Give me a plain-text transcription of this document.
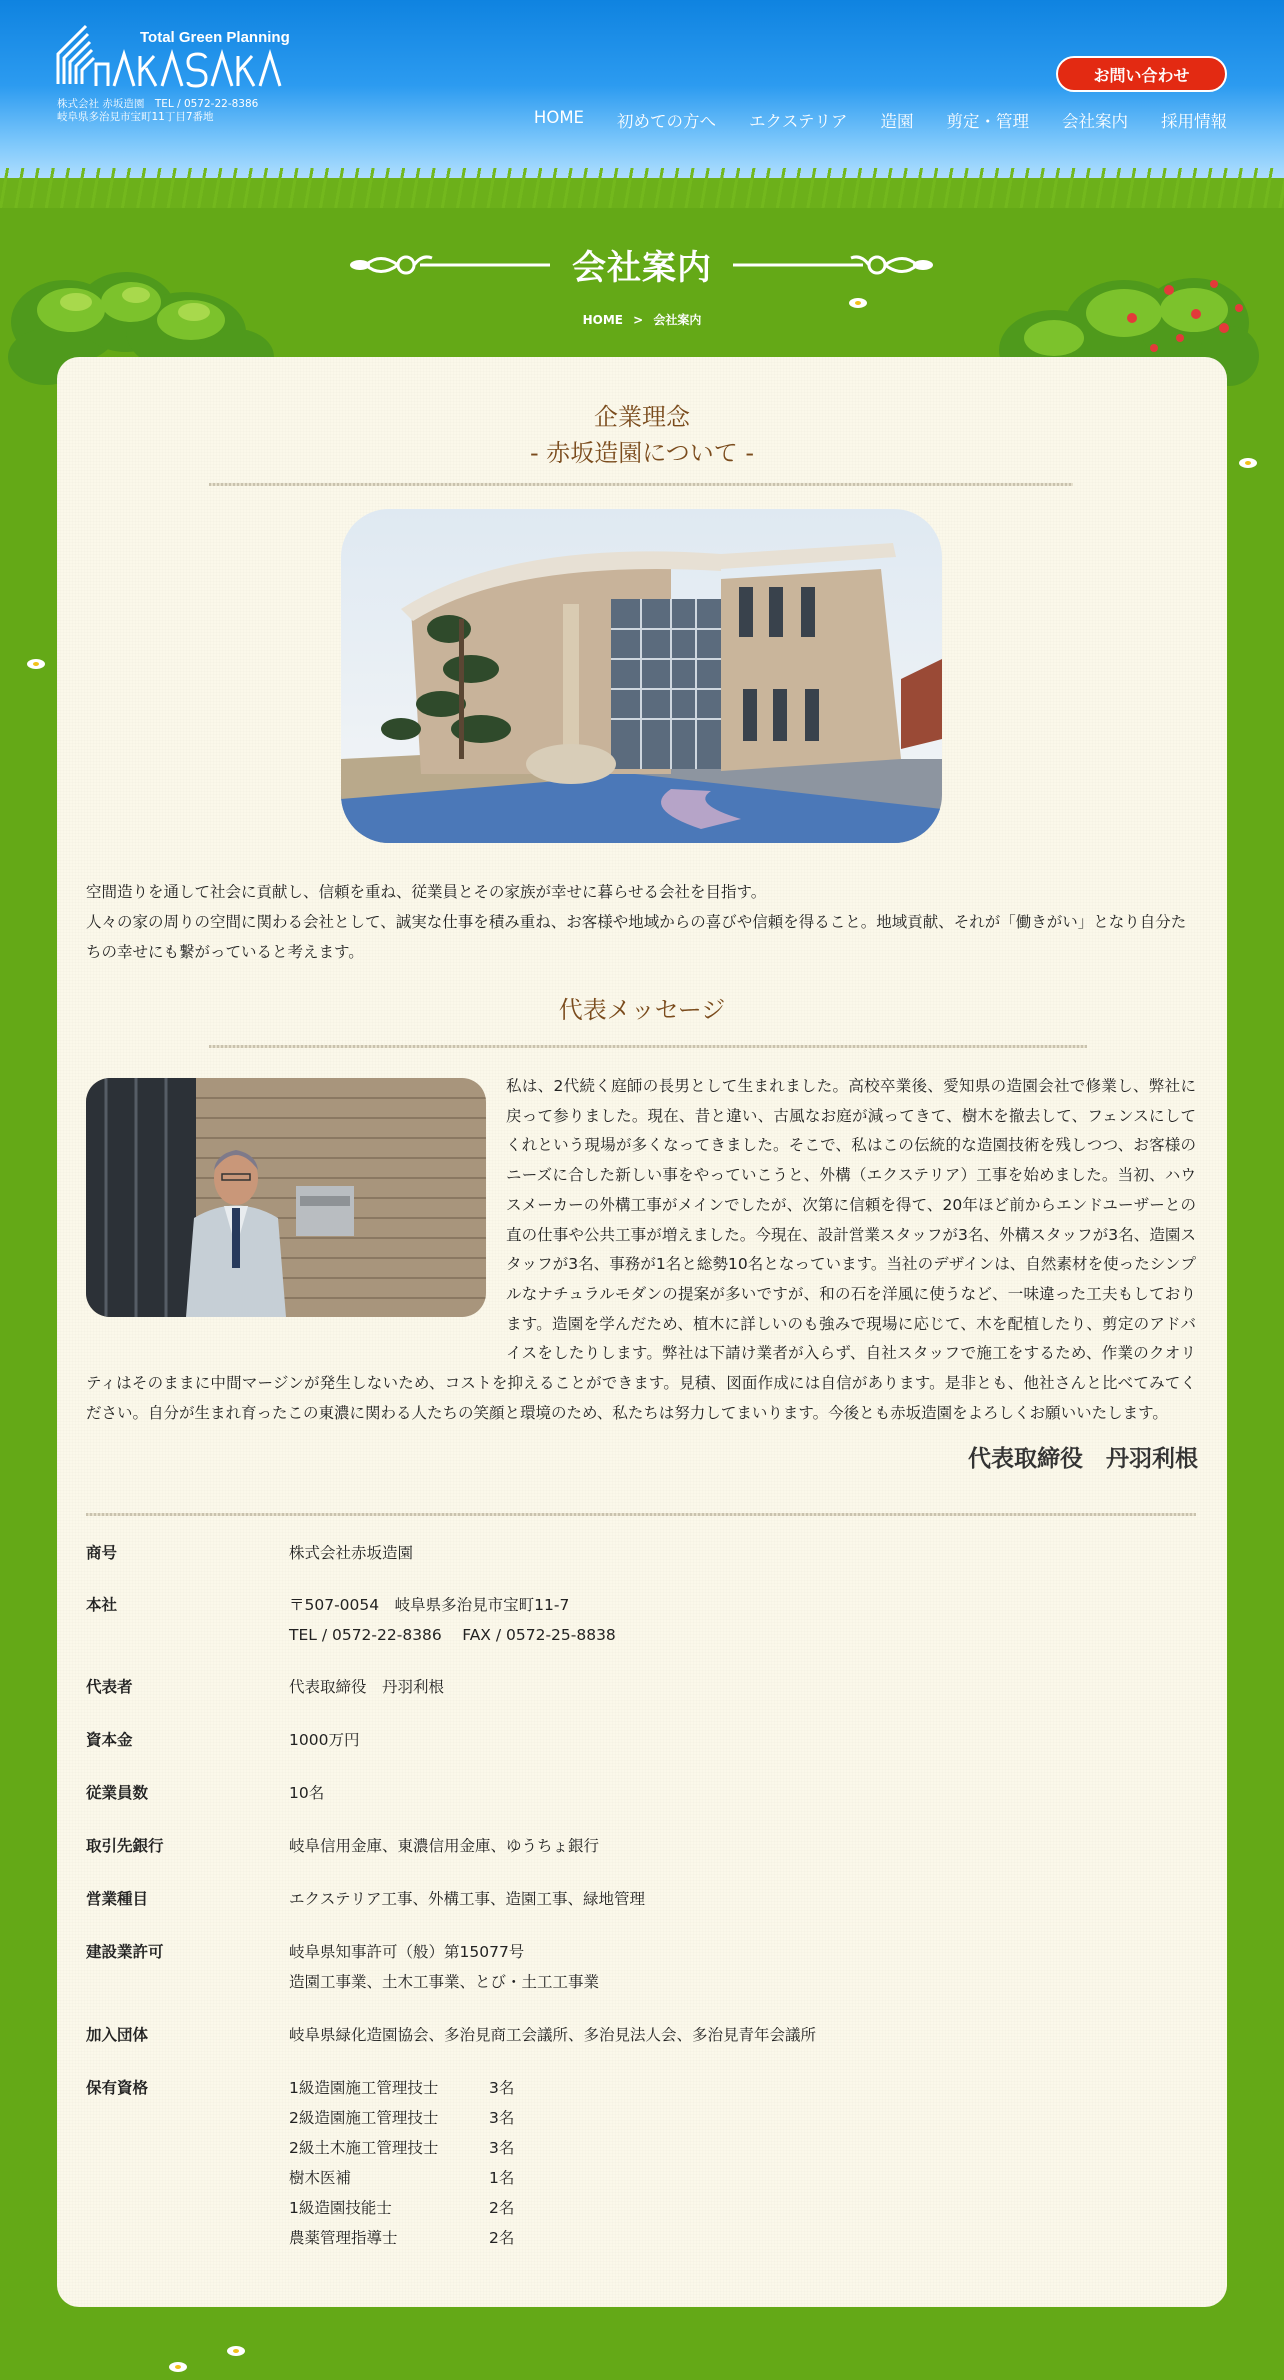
Total Green Planning
株式会社 赤坂造園　TEL / 0572-22-8386
岐阜県多治見市宝町11丁目7番地
お問い合わせ
HOME 初めての方へ エクステリア 造園 剪定・管理 会社案内 採用情報
会社案内
HOME > 会社案内
企業理念
- 赤坂造園について -
空間造りを通して社会に貢献し、信頼を重ね、従業員とその家族が幸せに暮らせる会社を目指す。
人々の家の周りの空間に関わる会社として、誠実な仕事を積み重ね、お客様や地域からの喜びや信頼を得ること。地域貢献、それが「働きがい」となり自分たちの幸せにも繋がっていると考えます。
代表メッセージ
私は、2代続く庭師の長男として生まれました。高校卒業後、愛知県の造園会社で修業し、弊社に戻って参りました。現在、昔と違い、古風なお庭が減ってきて、樹木を撤去して、フェンスにしてくれという現場が多くなってきました。そこで、私はこの伝統的な造園技術を残しつつ、お客様のニーズに合した新しい事をやっていこうと、外構（エクステリア）工事を始めました。当初、ハウスメーカーの外構工事がメインでしたが、次第に信頼を得て、20年ほど前からエンドユーザーとの直の仕事や公共工事が増えました。今現在、設計営業スタッフが3名、外構スタッフが3名、造園スタッフが3名、事務が1名と総勢10名となっています。当社のデザインは、自然素材を使ったシンプルなナチュラルモダンの提案が多いですが、和の石を洋風に使うなど、一味違った工夫もしております。造園を学んだため、植木に詳しいのも強みで現場に応じて、木を配植したり、剪定のアドバイスをしたりします。弊社は下請け業者が入らず、自社スタッフで施工をするため、作業のクオリティはそのままに中間マージンが発生しないため、コストを抑えることができます。見積、図面作成には自信があります。是非とも、他社さんと比べてみてください。自分が生まれ育ったこの東濃に関わる人たちの笑顔と環境のため、私たちは努力してまいります。今後とも赤坂造園をよろしくお願いいたします。
代表取締役　丹羽利根
商号	株式会社赤坂造園
本社	〒507-0054　岐阜県多治見市宝町11-7
TEL / 0572-22-8386　 FAX / 0572-25-8838
代表者	代表取締役　丹羽利根
資本金	1000万円
従業員数	10名
取引先銀行	岐阜信用金庫、東濃信用金庫、ゆうちょ銀行
営業種目	エクステリア工事、外構工事、造園工事、緑地管理
建設業許可	岐阜県知事許可（般）第15077号
造園工事業、土木工事業、とび・土工工事業
加入団体	岐阜県緑化造園協会、多治見商工会議所、多治見法人会、多治見青年会議所
保有資格	1級造園施工管理技士	3名
2級造園施工管理技士	3名
2級土木施工管理技士	3名
樹木医補	1名
1級造園技能士	2名
農薬管理指導士	2名
